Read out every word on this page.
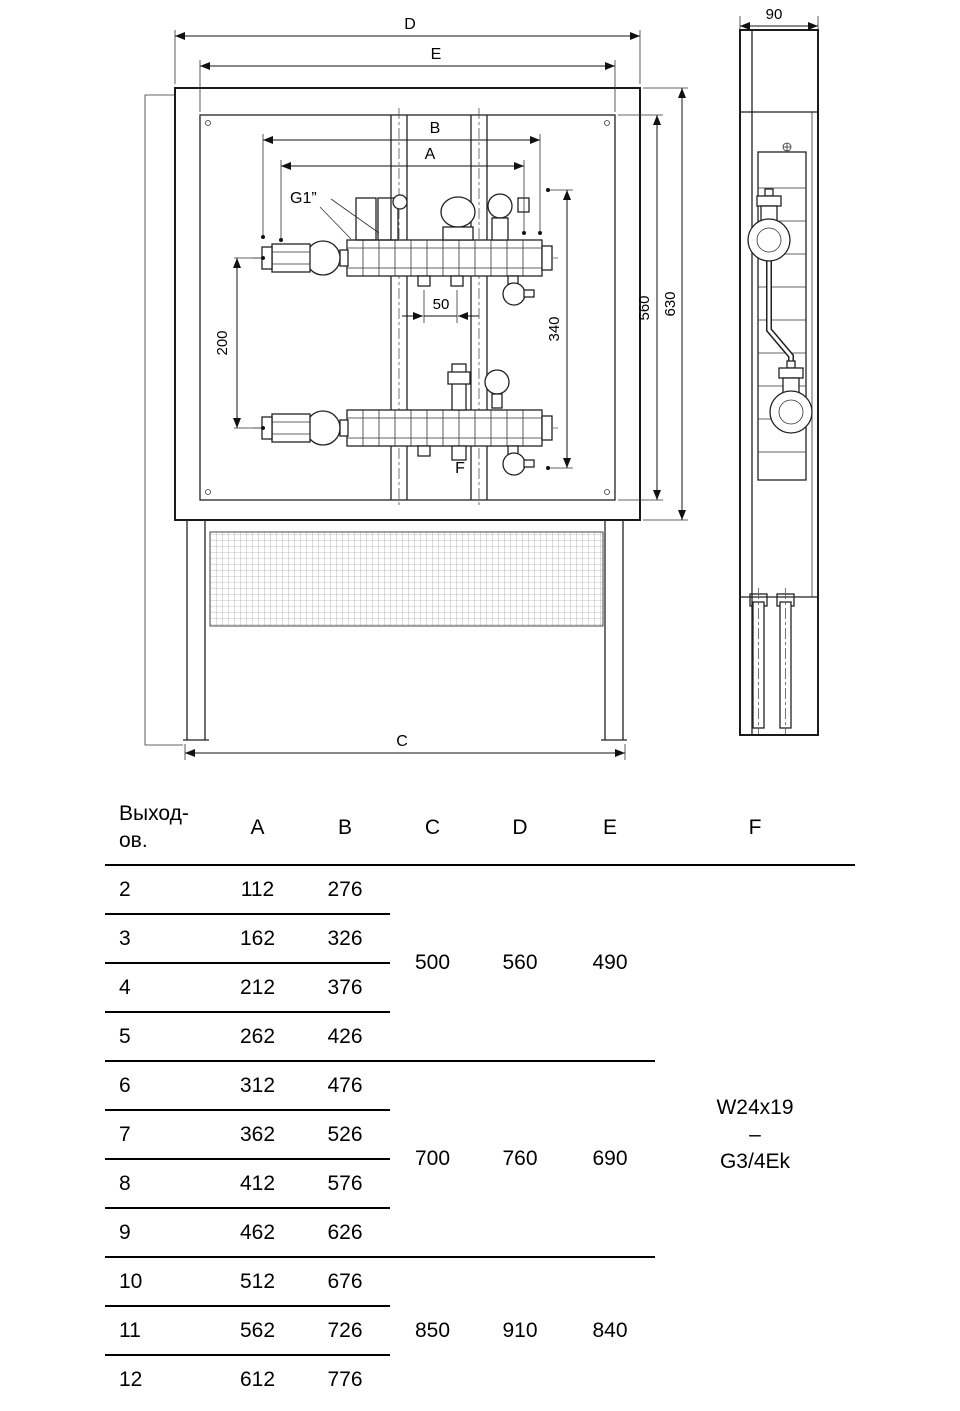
D
E
B
A
G1”
200
50
340
560 630
F
C
90
Выход-ов.	A	B	C	D	E	F
2	112	276	500	560	490	W24x19
–
G3/4Ek

3	162	326				
4	212	376				
5	262	426				
6	312	476	700	760	690	
7	362	526				
8	412	576				
9	462	626				
10	512	676	850	910	840	
11	562	726				
12	612	776				
